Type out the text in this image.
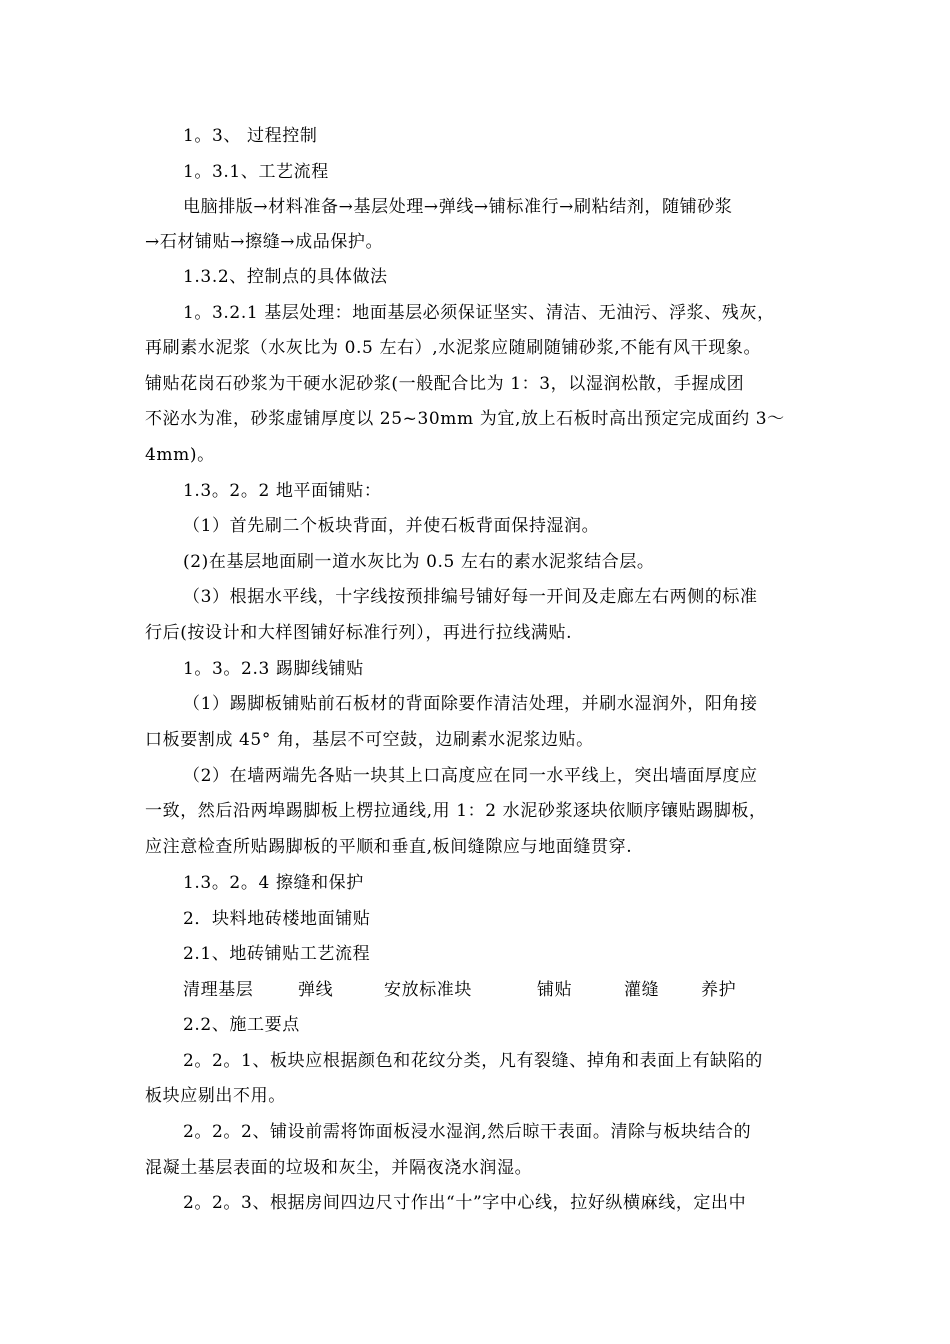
1。3、 过程控制
1。3.1、工艺流程
电脑排版→材料准备→基层处理→弹线→铺标准行→刷粘结剂，随铺砂浆
→石材铺贴→擦缝→成品保护。
1.3.2、控制点的具体做法
1。3.2.1 基层处理：地面基层必须保证坚实、清洁、无油污、浮浆、残灰，
再刷素水泥浆（水灰比为 0.5 左右）,水泥浆应随刷随铺砂浆,不能有风干现象。
铺贴花岗石砂浆为干硬水泥砂浆(一般配合比为 1：3，以湿润松散，手握成团
不泌水为准，砂浆虚铺厚度以 25~30mm 为宜,放上石板时高出预定完成面约 3～
4mm)。
1.3。2。2 地平面铺贴：
（1）首先刷二个板块背面，并使石板背面保持湿润。
(2)在基层地面刷一道水灰比为 0.5 左右的素水泥浆结合层。
（3）根据水平线，十字线按预排编号铺好每一开间及走廊左右两侧的标准
行后(按设计和大样图铺好标准行列），再进行拉线满贴.
1。3。2.3 踢脚线铺贴
（1）踢脚板铺贴前石板材的背面除要作清洁处理，并刷水湿润外，阳角接
口板要割成 45° 角，基层不可空鼓，边刷素水泥浆边贴。
（2）在墙两端先各贴一块其上口高度应在同一水平线上，突出墙面厚度应
一致，然后沿两埠踢脚板上楞拉通线,用 1：2 水泥砂浆逐块依顺序镶贴踢脚板，
应注意检查所贴踢脚板的平顺和垂直,板间缝隙应与地面缝贯穿.
1.3。2。4 擦缝和保护
2．块料地砖楼地面铺贴
2.1、地砖铺贴工艺流程
清理基层	弹线	安放标准块	铺贴	灌缝 养护
2.2、施工要点
2。2。1、板块应根据颜色和花纹分类，凡有裂缝、掉角和表面上有缺陷的
板块应剔出不用。
2。2。2、铺设前需将饰面板浸水湿润,然后晾干表面。清除与板块结合的
混凝土基层表面的垃圾和灰尘，并隔夜浇水润湿。
2。2。3、根据房间四边尺寸作出“十”字中心线，拉好纵横麻线，定出中
